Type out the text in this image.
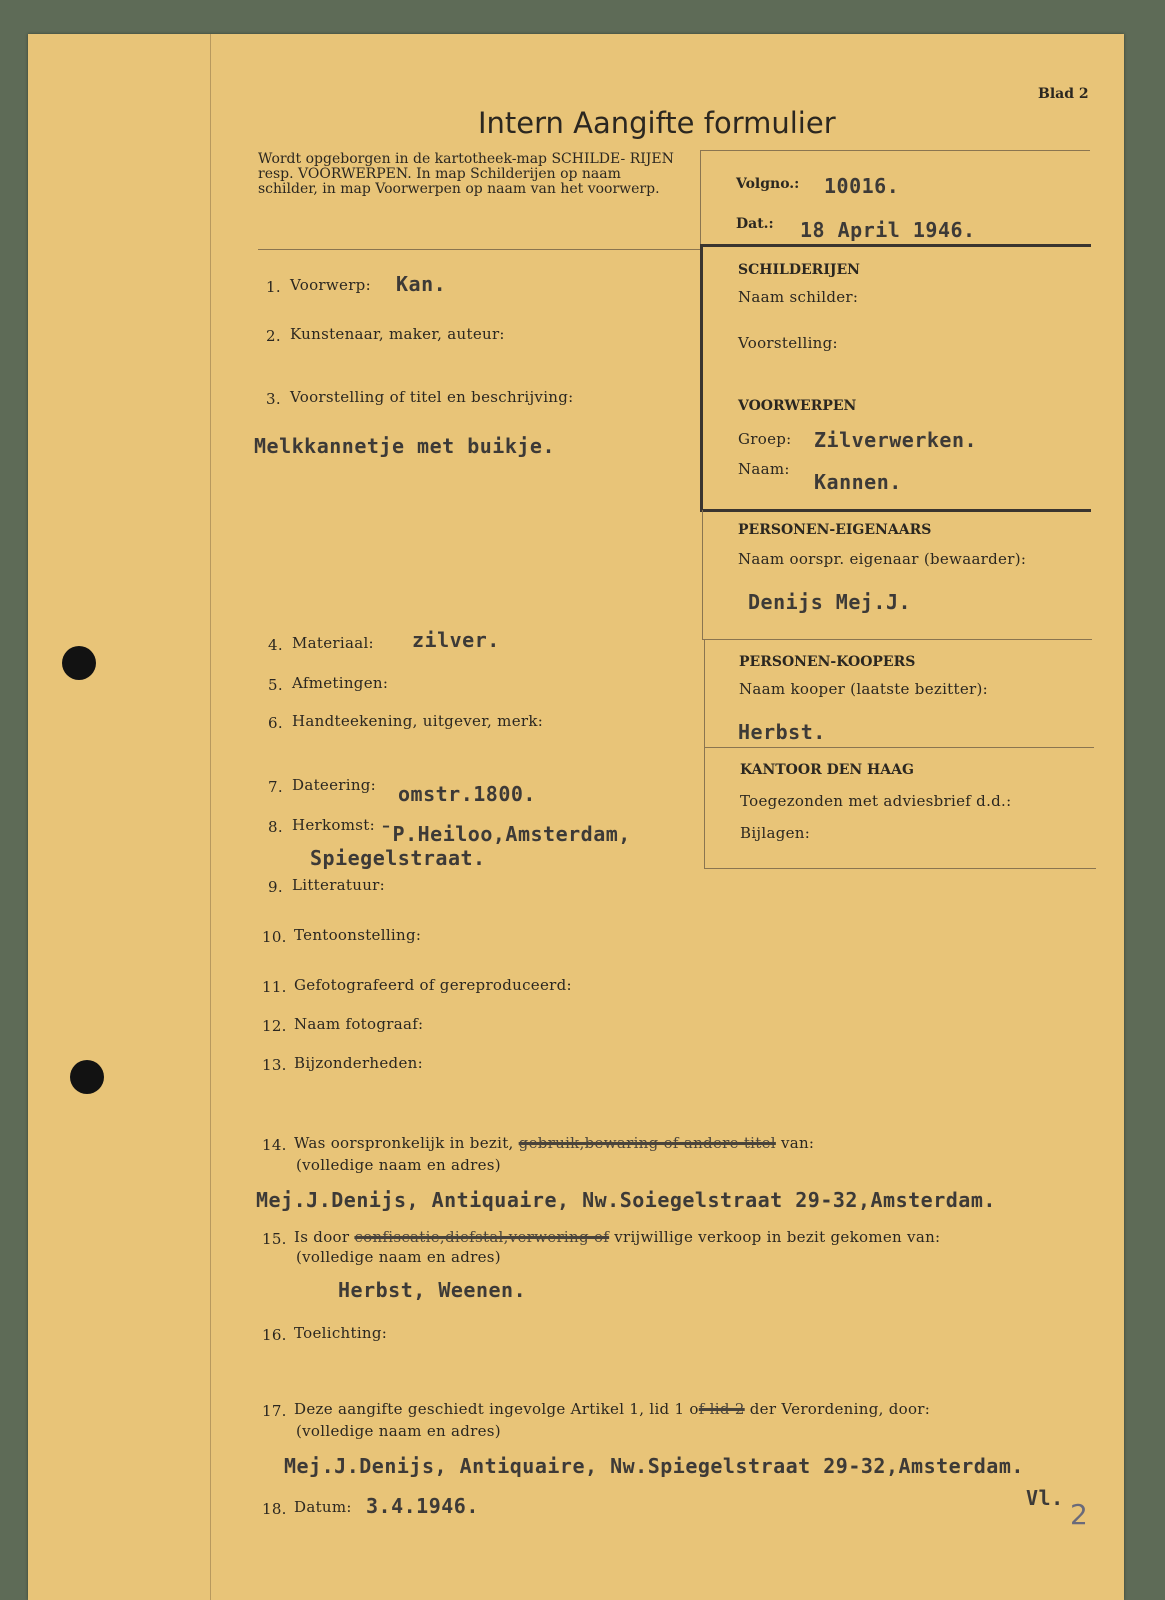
Blad 2
Intern Aangifte formulier
Wordt opgeborgen in de kartotheek-map SCHILDE- RIJEN resp. VOORWERPEN. In map Schilderijen op naam schilder, in map Voorwerpen op naam van het voorwerp.	Volgno.: 10016.
Dat.: 18 April 1946.
SCHILDERIJEN
Naam schilder:
Voorstelling:
VOORWERPEN
Groep: Zilverwerken.
Naam:
Kannen.
PERSONEN-EIGENAARS
Naam oorspr. eigenaar (bewaarder):
Denijs Mej.J.
PERSONEN-KOOPERS
Naam kooper (laatste bezitter):
Herbst.
KANTOOR DEN HAAG
Toegezonden met adviesbrief d.d.:
Bijlagen:
1. Voorwerp: Kan.
2. Kunstenaar, maker, auteur:
3. Voorstelling of titel en beschrijving:
Melkkannetje met buikje.
4. Materiaal: zilver.
5. Afmetingen:
6. Handteekening, uitgever, merk:
7. Dateering: omstr.1800.
8. Herkomst: ¯P.Heiloo,Amsterdam,
Spiegelstraat.
9. Litteratuur:
10. Tentoonstelling:
11. Gefotografeerd of gereproduceerd:
12. Naam fotograaf:
13. Bijzonderheden:
14. Was oorspronkelijk in bezit, gebruik,bewaring of andere titel van:
(volledige naam en adres)
Mej.J.Denijs, Antiquaire, Nw.Soiegelstraat 29-32,Amsterdam.
15. Is door confiscatie,diefstal,verwering of vrijwillige verkoop in bezit gekomen van:
(volledige naam en adres)
Herbst, Weenen.
16. Toelichting:
17. Deze aangifte geschiedt ingevolge Artikel 1, lid 1 of lid 2 der Verordening, door:
(volledige naam en adres)
Mej.J.Denijs, Antiquaire, Nw.Spiegelstraat 29-32,Amsterdam.
18. Datum: 3.4.1946.	Vl. 2
